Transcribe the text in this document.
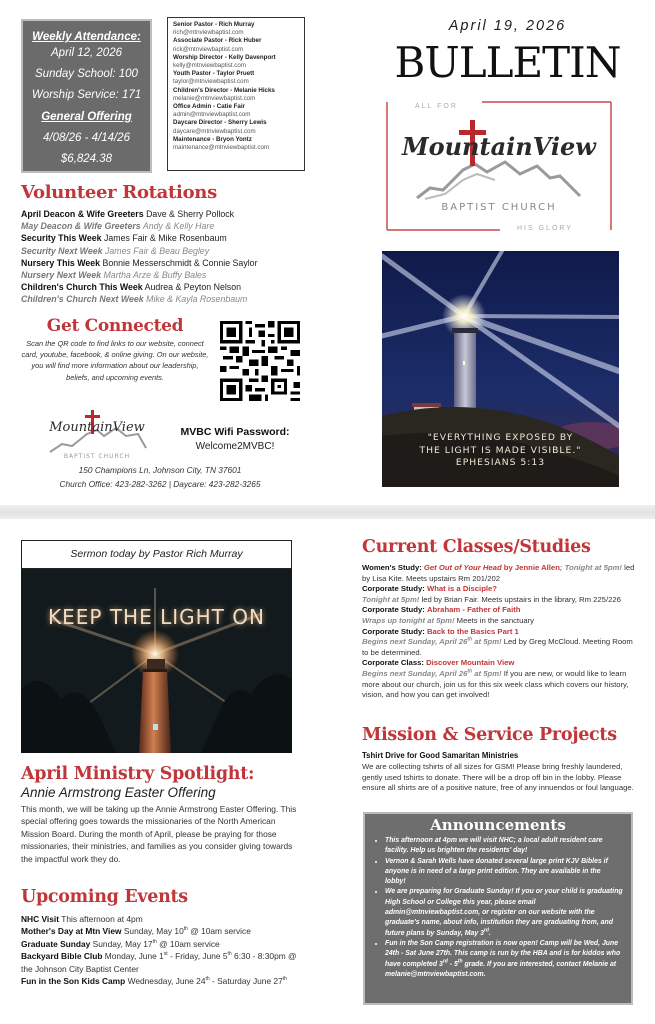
Weekly Attendance:
April 12, 2026
Sunday School: 100
Worship Service: 171
General Offering
4/08/26 - 4/14/26
$6,824.38
Senior Pastor - Rich Murray
rich@mtnviewbaptist.com
Associate Pastor - Rick Huber
rick@mtnviewbaptist.com
Worship Director - Kelly Davenport
kelly@mtnviewbaptist.com
Youth Pastor - Taylor Pruett
taylor@mtnviewbaptist.com
Children's Director - Melanie Hicks
melanie@mtnviewbaptist.com
Office Admin - Catie Fair
admin@mtnviewbaptist.com
Daycare Director - Sherry Lewis
daycare@mtnviewbaptist.com
Maintenance - Bryon Yontz
maintenance@mtnviewbaptist.com
April 19, 2026
BULLETIN
MountainView
BAPTIST CHURCH
ALL FOR
HIS GLORY
Volunteer Rotations
April Deacon & Wife Greeters Dave & Sherry Pollock
May Deacon & Wife Greeters Andy & Kelly Hare
Security This Week James Fair & Mike Rosenbaum
Security Next Week James Fair & Beau Begley
Nursery This Week Bonnie Messerschmidt & Connie Saylor
Nursery Next Week Martha Arze & Buffy Bales
Children's Church This Week Audrea & Peyton Nelson
Children's Church Next Week Mike & Kayla Rosenbaum
Get Connected
Scan the QR code to find links to our website, connect card, youtube, facebook, & online giving. On our website, you will find more information about our leadership, beliefs, and upcoming events.
MountainView
BAPTIST CHURCH
MVBC Wifi Password:
Welcome2MVBC!
150 Champions Ln, Johnson City, TN 37601
Church Office: 423-282-3262 | Daycare: 423-282-3265
"EVERYTHING EXPOSED BY
THE LIGHT IS MADE VISIBLE."
EPHESIANS 5:13
Sermon today by Pastor Rich Murray
KEEP THE LIGHT ON
April Ministry Spotlight:
Annie Armstrong Easter Offering
This month, we will be taking up the Annie Armstrong Easter Offering. This special offering goes towards the missionaries of the North American Mission Board. During the month of April, please be praying for those missionaries, their ministries, and families as you consider giving towards the impactful work they do.
Upcoming Events
NHC Visit This afternoon at 4pm
Mother's Day at Mtn View Sunday, May 10th @ 10am service
Graduate Sunday Sunday, May 17th @ 10am service
Backyard Bible Club Monday, June 1st - Friday, June 5th 6:30 - 8:30pm @ the Johnson City Baptist Center
Fun in the Son Kids Camp Wednesday, June 24th - Saturday June 27th
Current Classes/Studies
Women's Study: Get Out of Your Head by Jennie Allen; Tonight at 5pm! led by Lisa Kite. Meets upstairs Rm 201/202
Corporate Study: What is a Disciple?
Tonight at 5pm! led by Brian Fair. Meets upstairs in the library, Rm 225/226
Corporate Study: Abraham - Father of Faith
Wraps up tonight at 5pm! Meets in the sanctuary
Corporate Study: Back to the Basics Part 1
Begins next Sunday, April 26th at 5pm! Led by Greg McCloud. Meeting Room to be determined.
Corporate Class: Discover Mountain View
Begins next Sunday, April 26th at 5pm! If you are new, or would like to learn more about our church, join us for this six week class which covers our history, vision, and how you can get involved!
Mission & Service Projects
Tshirt Drive for Good Samaritan Ministries
We are collecting tshirts of all sizes for GSM! Please bring freshly laundered, gently used tshirts to donate. There will be a drop off bin in the lobby. Please ensure all shirts are of a positive nature, free of any innuendos or foul language.
Announcements
• This afternoon at 4pm we will visit NHC; a local adult resident care facility. Help us brighten the residents' day!
• Vernon & Sarah Wells have donated several large print KJV Bibles if anyone is in need of a large print edition. They are available in the lobby!
• We are preparing for Graduate Sunday! If you or your child is graduating High School or College this year, please email admin@mtnviewbaptist.com, or register on our website with the graduate's name, about info, institution they are graduating from, and future plans by Sunday, May 3rd.
• Fun in the Son Camp registration is now open! Camp will be Wed, June 24th - Sat June 27th. This camp is run by the HBA and is for kiddos who have completed 3rd - 5th grade. If you are interested, contact Melanie at melanie@mtnviewbaptist.com.
